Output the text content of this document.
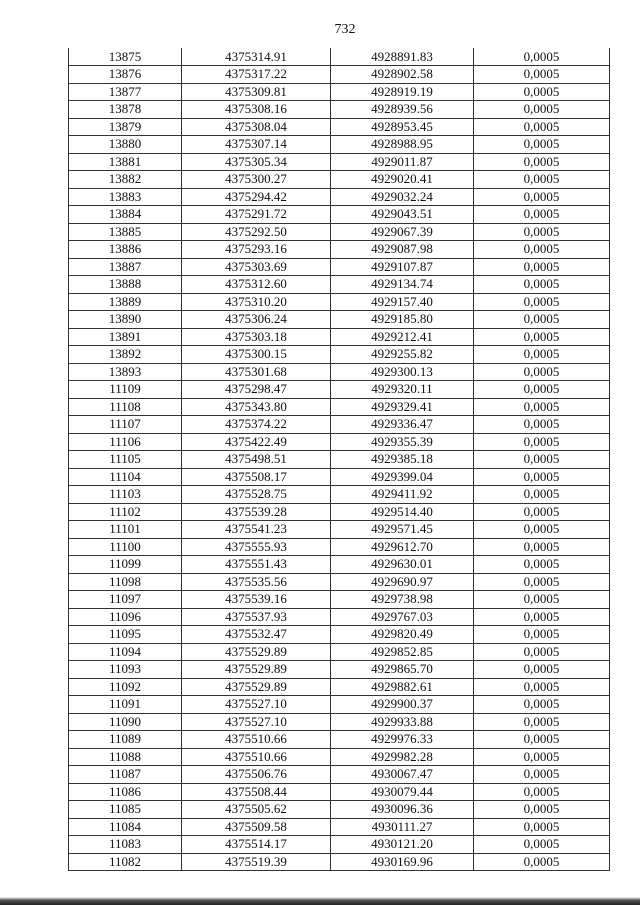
732
13875	4375314.91	4928891.83	0,0005
13876	4375317.22	4928902.58	0,0005
13877	4375309.81	4928919.19	0,0005
13878	4375308.16	4928939.56	0,0005
13879	4375308.04	4928953.45	0,0005
13880	4375307.14	4928988.95	0,0005
13881	4375305.34	4929011.87	0,0005
13882	4375300.27	4929020.41	0,0005
13883	4375294.42	4929032.24	0,0005
13884	4375291.72	4929043.51	0,0005
13885	4375292.50	4929067.39	0,0005
13886	4375293.16	4929087.98	0,0005
13887	4375303.69	4929107.87	0,0005
13888	4375312.60	4929134.74	0,0005
13889	4375310.20	4929157.40	0,0005
13890	4375306.24	4929185.80	0,0005
13891	4375303.18	4929212.41	0,0005
13892	4375300.15	4929255.82	0,0005
13893	4375301.68	4929300.13	0,0005
11109	4375298.47	4929320.11	0,0005
11108	4375343.80	4929329.41	0,0005
11107	4375374.22	4929336.47	0,0005
11106	4375422.49	4929355.39	0,0005
11105	4375498.51	4929385.18	0,0005
11104	4375508.17	4929399.04	0,0005
11103	4375528.75	4929411.92	0,0005
11102	4375539.28	4929514.40	0,0005
11101	4375541.23	4929571.45	0,0005
11100	4375555.93	4929612.70	0,0005
11099	4375551.43	4929630.01	0,0005
11098	4375535.56	4929690.97	0,0005
11097	4375539.16	4929738.98	0,0005
11096	4375537.93	4929767.03	0,0005
11095	4375532.47	4929820.49	0,0005
11094	4375529.89	4929852.85	0,0005
11093	4375529.89	4929865.70	0,0005
11092	4375529.89	4929882.61	0,0005
11091	4375527.10	4929900.37	0,0005
11090	4375527.10	4929933.88	0,0005
11089	4375510.66	4929976.33	0,0005
11088	4375510.66	4929982.28	0,0005
11087	4375506.76	4930067.47	0,0005
11086	4375508.44	4930079.44	0,0005
11085	4375505.62	4930096.36	0,0005
11084	4375509.58	4930111.27	0,0005
11083	4375514.17	4930121.20	0,0005
11082	4375519.39	4930169.96	0,0005
